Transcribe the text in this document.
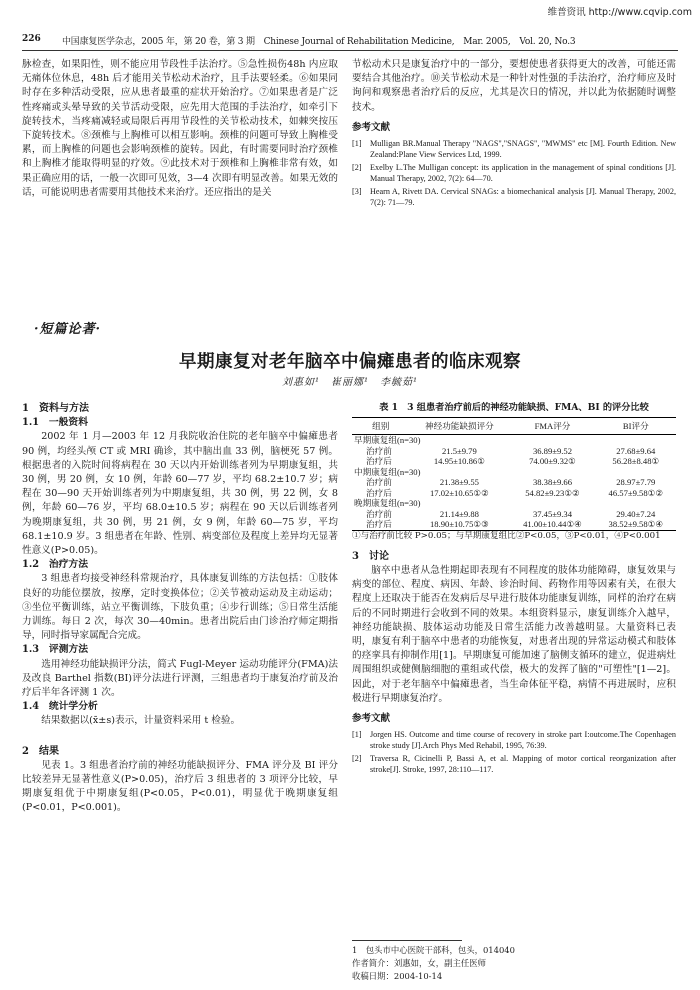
维普资讯 http://www.cqvip.com
226 中国康复医学杂志，2005 年，第 20 卷，第 3 期　Chinese Journal of Rehabilitation Medicine,　Mar. 2005,　Vol. 20, No.3

脉检查，如果阳性，则不能应用节段性手法治疗。⑤急性损伤48h 内应取无痛体位休息，48h 后才能用关节松动术治疗，且手法要轻柔。⑥如果同时存在多种活动受限，应从患者最重的症状开始治疗。⑦如果患者是广泛性疼痛或头晕导致的关节活动受限，应先用大范围的手法治疗，如牵引下旋转技术，当疼痛减轻或局限后再用节段性的关节松动技术，如棘突按压下旋转技术。⑧颈椎与上胸椎可以相互影响。颈椎的问题可导致上胸椎受累，而上胸椎的问题也会影响颈椎的旋转。因此，有时需要同时治疗颈椎和上胸椎才能取得明显的疗效。⑨此技术对于颈椎和上胸椎非常有效，如果正确应用的话，一般一次即可见效，3—4 次即有明显改善。如果无效的话，可能说明患者需要用其他技术来治疗。还应指出的是关

节松动术只是康复治疗中的一部分，要想使患者获得更大的改善，可能还需要结合其他治疗。⑩关节松动术是一种针对性强的手法治疗，治疗师应及时询问和观察患者治疗后的反应，尤其是次日的情况，并以此为依据随时调整技术。

参考文献
[1]	Mulligan BR.Manual Therapy "NAGS","SNAGS", "MWMS" etc [M]. Fourth Edition. New Zealand:Plane View Services Ltd, 1999.
[2]	Exelby L.The Mulligan concept: its application in the management of spinal conditions [J]. Manual Therapy, 2002, 7(2): 64—70.
[3]	Hearn A, Rivett DA. Cervical SNAGs: a biomechanical analysis [J]. Manual Therapy, 2002, 7(2): 71—79.
·短篇论著·
早期康复对老年脑卒中偏瘫患者的临床观察
刘惠如¹　崔丽娜¹　李毓茹¹

1　资料与方法

1.1　一般资料

2002 年 1 月—2003 年 12 月我院收治住院的老年脑卒中偏瘫患者 90 例，均经头颅 CT 或 MRI 确诊，其中脑出血 33 例，脑梗死 57 例。根据患者的入院时间将病程在 30 天以内开始训练者列为早期康复组，共 30 例，男 20 例，女 10 例，年龄 60—77 岁，平均 68.2±10.7 岁；病程在 30—90 天开始训练者列为中期康复组，共 30 例，男 22 例，女 8 例，年龄 60—76 岁，平均 68.0±10.5 岁；病程在 90 天以后训练者列为晚期康复组，共 30 例，男 21 例，女 9 例，年龄 60—75 岁，平均 68.1±10.9 岁。3 组患者在年龄、性别、病变部位及程度上差异均无显著性意义(P>0.05)。

1.2　治疗方法

3 组患者均接受神经科常规治疗，具体康复训练的方法包括：①肢体良好的功能位摆放，按摩，定时变换体位；②关节被动运动及主动运动；③坐位平衡训练，站立平衡训练，下肢负重；④步行训练；⑤日常生活能力训练。每日 2 次，每次 30—40min。患者出院后由门诊治疗师定期指导，同时指导家属配合完成。

1.3　评测方法

选用神经功能缺损评分法，简式 Fugl-Meyer 运动功能评分(FMA)法及改良 Barthel 指数(BI)评分法进行评测，三组患者均于康复治疗前及治疗后半年各评测 1 次。

1.4　统计学分析

结果数据以(x̄±s)表示，计量资料采用 t 检验。

2　结果

见表 1。3 组患者治疗前的神经功能缺损评分、FMA 评分及 BI 评分比较差异无显著性意义(P>0.05)，治疗后 3 组患者的 3 项评分比较，早期康复组优于中期康复组(P<0.05，P<0.01)，明显优于晚期康复组(P<0.01，P<0.001)。

表 1　3 组患者治疗前后的神经功能缺损、FMA、BI 的评分比较
组别	神经功能缺损评分	FMA评分	BI评分
早期康复组(n=30)			
治疗前	21.5±9.79	36.89±9.52	27.68±9.64
治疗后	14.95±10.86①	74.00±9.32①	56.28±8.48①
中期康复组(n=30)			
治疗前	21.38±9.55	38.38±9.66	28.97±7.79
治疗后	17.02±10.65①②	54.82±9.23①②	46.57±9.58①②
晚期康复组(n=30)			
治疗前	21.14±9.88	37.45±9.34	29.40±7.24
治疗后	18.90±10.75①③	41.00±10.44①④	38.52±9.58①④
①与治疗前比较 P>0.05；与早期康复组比②P<0.05，③P<0.01，④P<0.001

3　讨论

脑卒中患者从急性期起即表现有不同程度的肢体功能障碍，康复效果与病变的部位、程度、病因、年龄、诊治时间、药物作用等因素有关，在很大程度上还取决于能否在发病后尽早进行肢体功能康复训练，同样的治疗在病后的不同时期进行会收到不同的效果。本组资料显示，康复训练介入越早，神经功能缺损、肢体运动功能及日常生活能力改善越明显。大量资料已表明，康复有利于脑卒中患者的功能恢复，对患者出现的异常运动模式和肢体的痉挛具有抑制作用[1]。早期康复可能加速了脑侧支循环的建立，促进病灶周围组织或健侧脑细胞的重组或代偿，极大的发挥了脑的"可塑性"[1—2]。因此，对于老年脑卒中偏瘫患者，当生命体征平稳，病情不再进展时，应积极进行早期康复治疗。

参考文献
[1]	Jorgen HS. Outcome and time course of recovery in stroke part I:outcome.The Copenhagen stroke study [J].Arch Phys Med Rehabil, 1995, 76:39.
[2]	Traversa R, Cicinelli P, Bassi A, et al. Mapping of motor cortical reorganization after stroke[J]. Stroke, 1997, 28:110—117.
1　包头市中心医院干部科，包头，014040
作者简介：刘惠如，女，副主任医师
收稿日期：2004-10-14
